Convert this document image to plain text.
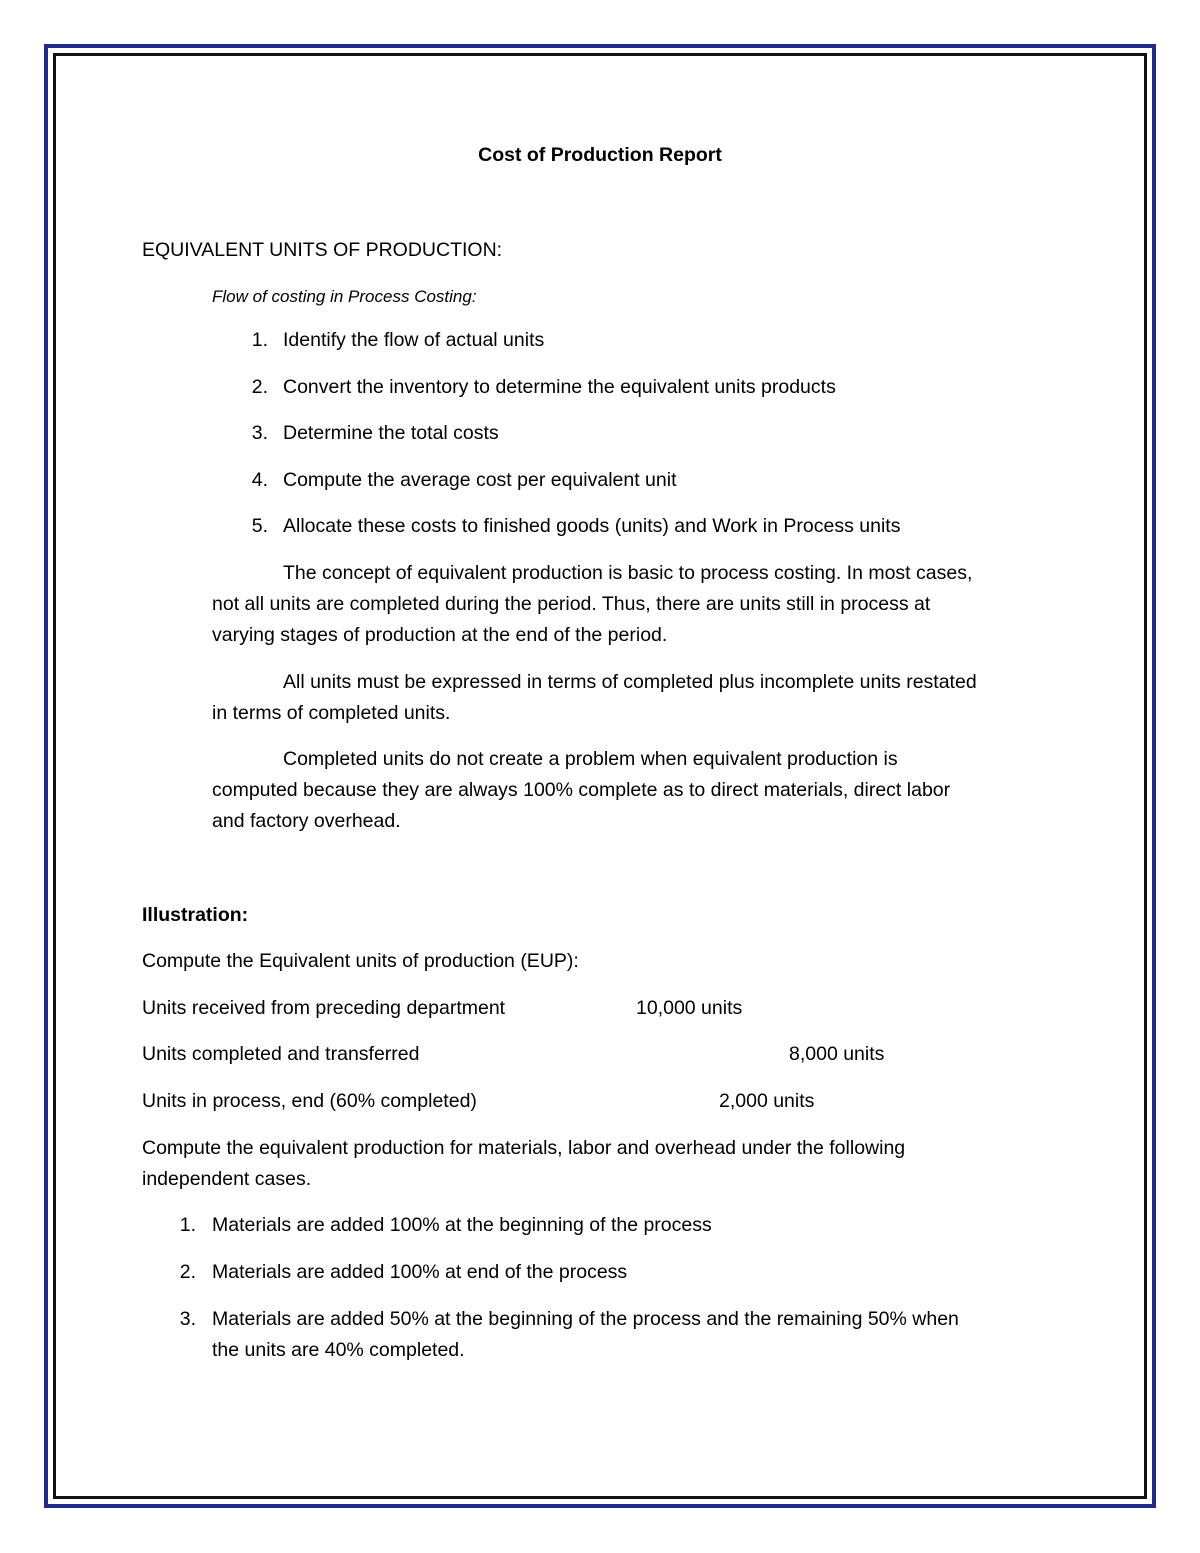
Cost of Production Report
EQUIVALENT UNITS OF PRODUCTION:
Flow of costing in Process Costing:
1. Identify the flow of actual units
2. Convert the inventory to determine the equivalent units products
3. Determine the total costs
4. Compute the average cost per equivalent unit
5. Allocate these costs to finished goods (units) and Work in Process units
The concept of equivalent production is basic to process costing. In most cases,
not all units are completed during the period. Thus, there are units still in process at
varying stages of production at the end of the period.
All units must be expressed in terms of completed plus incomplete units restated
in terms of completed units.
Completed units do not create a problem when equivalent production is
computed because they are always 100% complete as to direct materials, direct labor
and factory overhead.
Illustration:
Compute the Equivalent units of production (EUP):
Units received from preceding department	10,000 units
Units completed and transferred	8,000 units
Units in process, end (60% completed)	2,000 units
Compute the equivalent production for materials, labor and overhead under the following
independent cases.
1. Materials are added 100% at the beginning of the process
2. Materials are added 100% at end of the process
3. Materials are added 50% at the beginning of the process and the remaining 50% when
the units are 40% completed.
